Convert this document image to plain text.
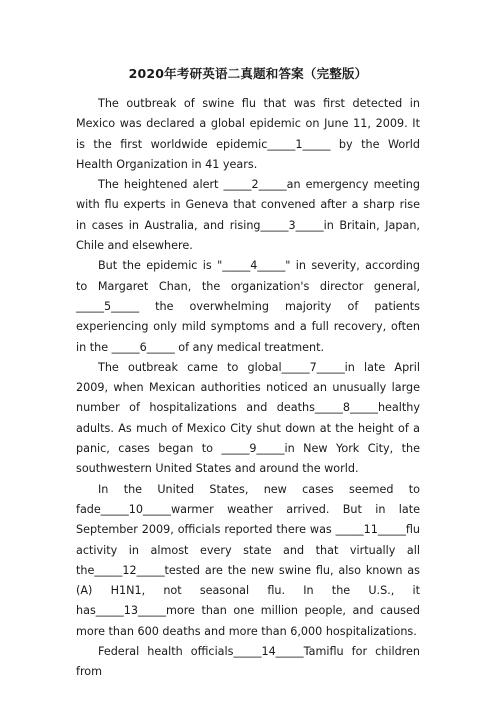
2020年考研英语二真题和答案（完整版）

The outbreak of swine flu that was first detected in Mexico was declared a global epidemic on June 11, 2009. It is the first worldwide epidemic_____1_____ by the World Health Organization in 41 years.

The heightened alert _____2_____an emergency meeting with flu experts in Geneva that convened after a sharp rise in cases in Australia, and rising_____3_____in Britain, Japan, Chile and elsewhere.

But the epidemic is "_____4_____" in severity, according to Margaret Chan, the organization's director general, _____5_____ the overwhelming majority of patients experiencing only mild symptoms and a full recovery, often in the _____6_____ of any medical treatment.

The outbreak came to global_____7_____in late April 2009, when Mexican authorities noticed an unusually large number of hospitalizations and deaths_____8_____healthy adults. As much of Mexico City shut down at the height of a panic, cases began to _____9_____in New York City, the southwestern United States and around the world.

In the United States, new cases seemed to fade_____10_____warmer weather arrived. But in late September 2009, officials reported there was _____11_____flu activity in almost every state and that virtually all the_____12_____tested are the new swine flu, also known as (A) H1N1, not seasonal flu. In the U.S., it has_____13_____more than one million people, and caused more than 600 deaths and more than 6,000 hospitalizations.

Federal health officials_____14_____Tamiflu for children from
